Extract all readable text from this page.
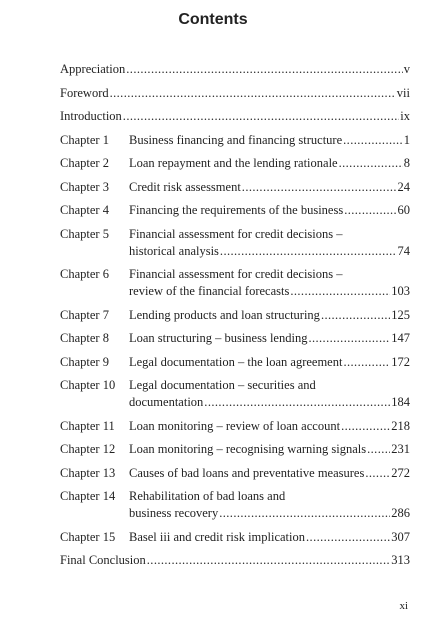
Contents
Appreciation .....	v
Foreword .....	vii
Introduction .....	ix
Chapter 1	Business financing and financing structure .....	1
Chapter 2	Loan repayment and the lending rationale .....	8
Chapter 3	Credit risk assessment .....	24
Chapter 4	Financing the requirements of the business .....	60
Chapter 5	Financial assessment for credit decisions –
historical analysis .....	74
Chapter 6	Financial assessment for credit decisions –
review of the financial forecasts .....	103
Chapter 7	Lending products and loan structuring .....	125
Chapter 8	Loan structuring – business lending .....	147
Chapter 9	Legal documentation – the loan agreement .....	172
Chapter 10	Legal documentation – securities and
documentation .....	184
Chapter 11	Loan monitoring – review of loan account .....	218
Chapter 12	Loan monitoring – recognising warning signals ..... 231
Chapter 13	Causes of bad loans and preventative measures ..... 272
Chapter 14	Rehabilitation of bad loans and
business recovery .....	286
Chapter 15	Basel iii and credit risk implication .....	307
Final Conclusion .....	313
xi
